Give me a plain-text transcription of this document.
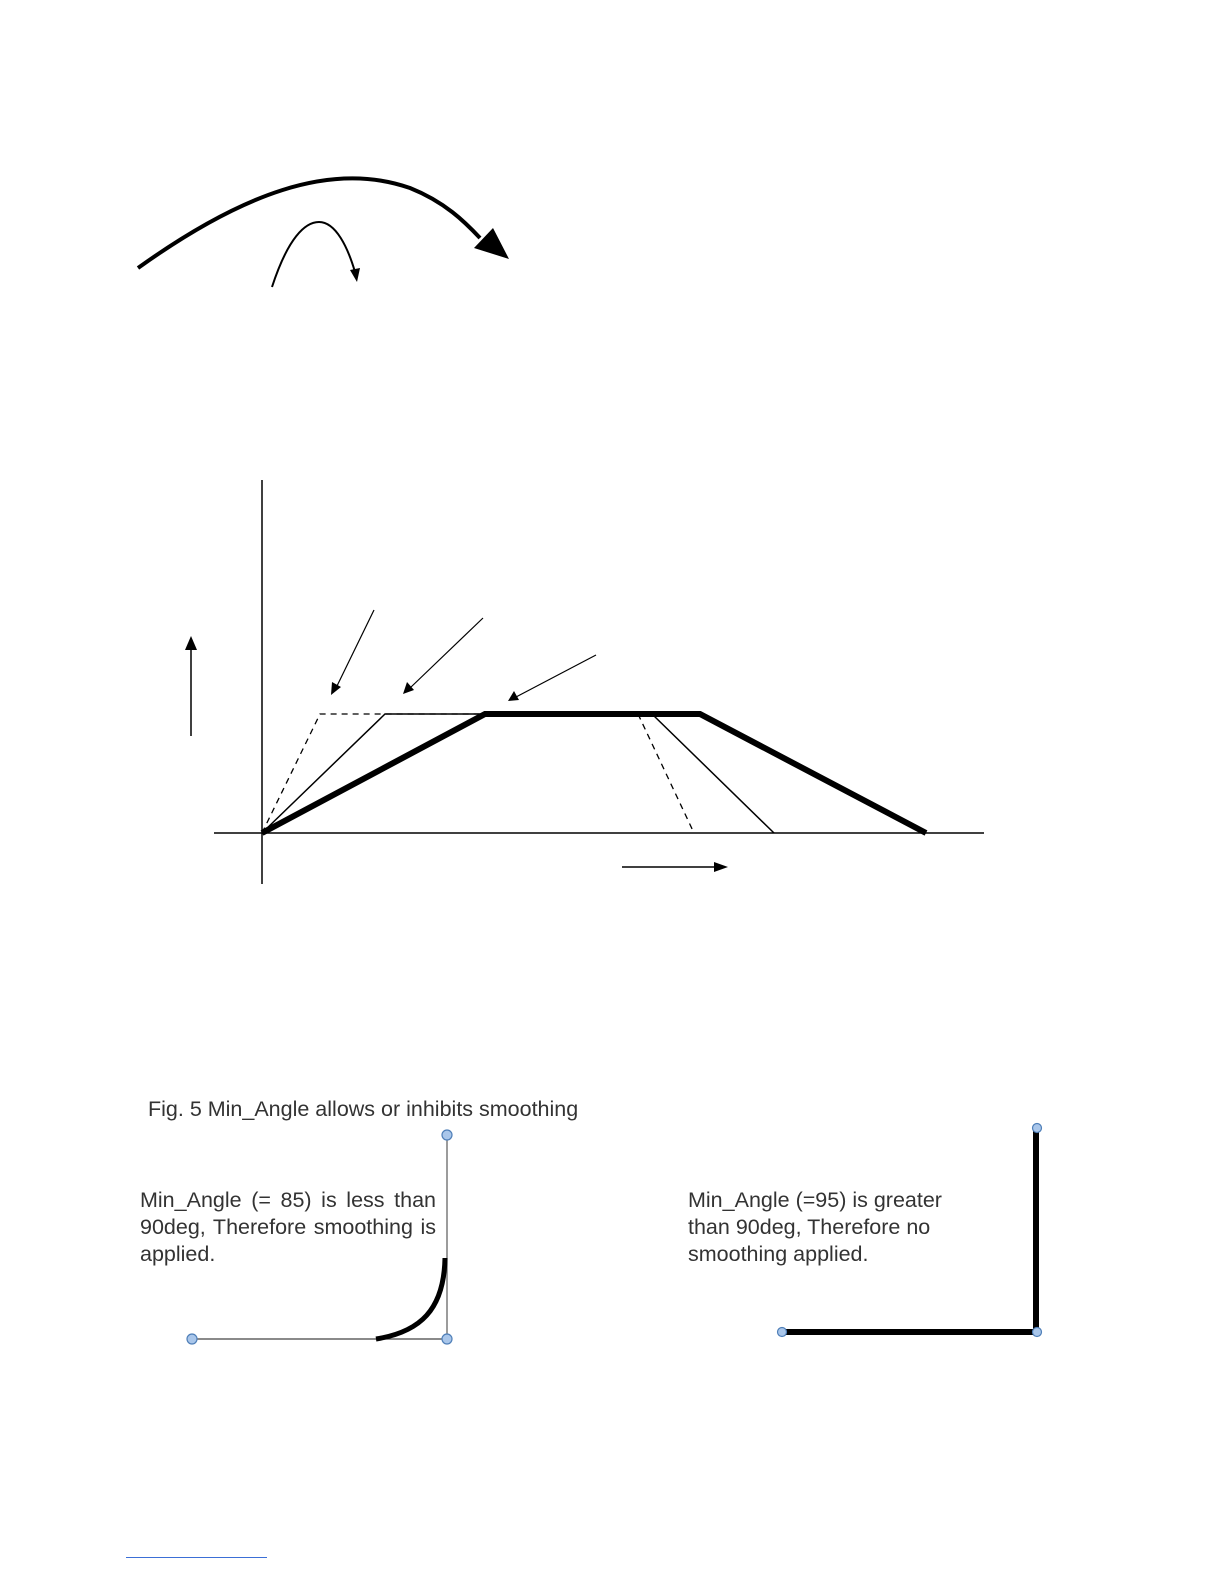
Fig. 5 Min_Angle allows or inhibits smoothing
Min_Angle (= 85) is less than 90deg, Therefore smoothing is applied.
Min_Angle (=95) is greater than 90deg, Therefore no smoothing applied.
